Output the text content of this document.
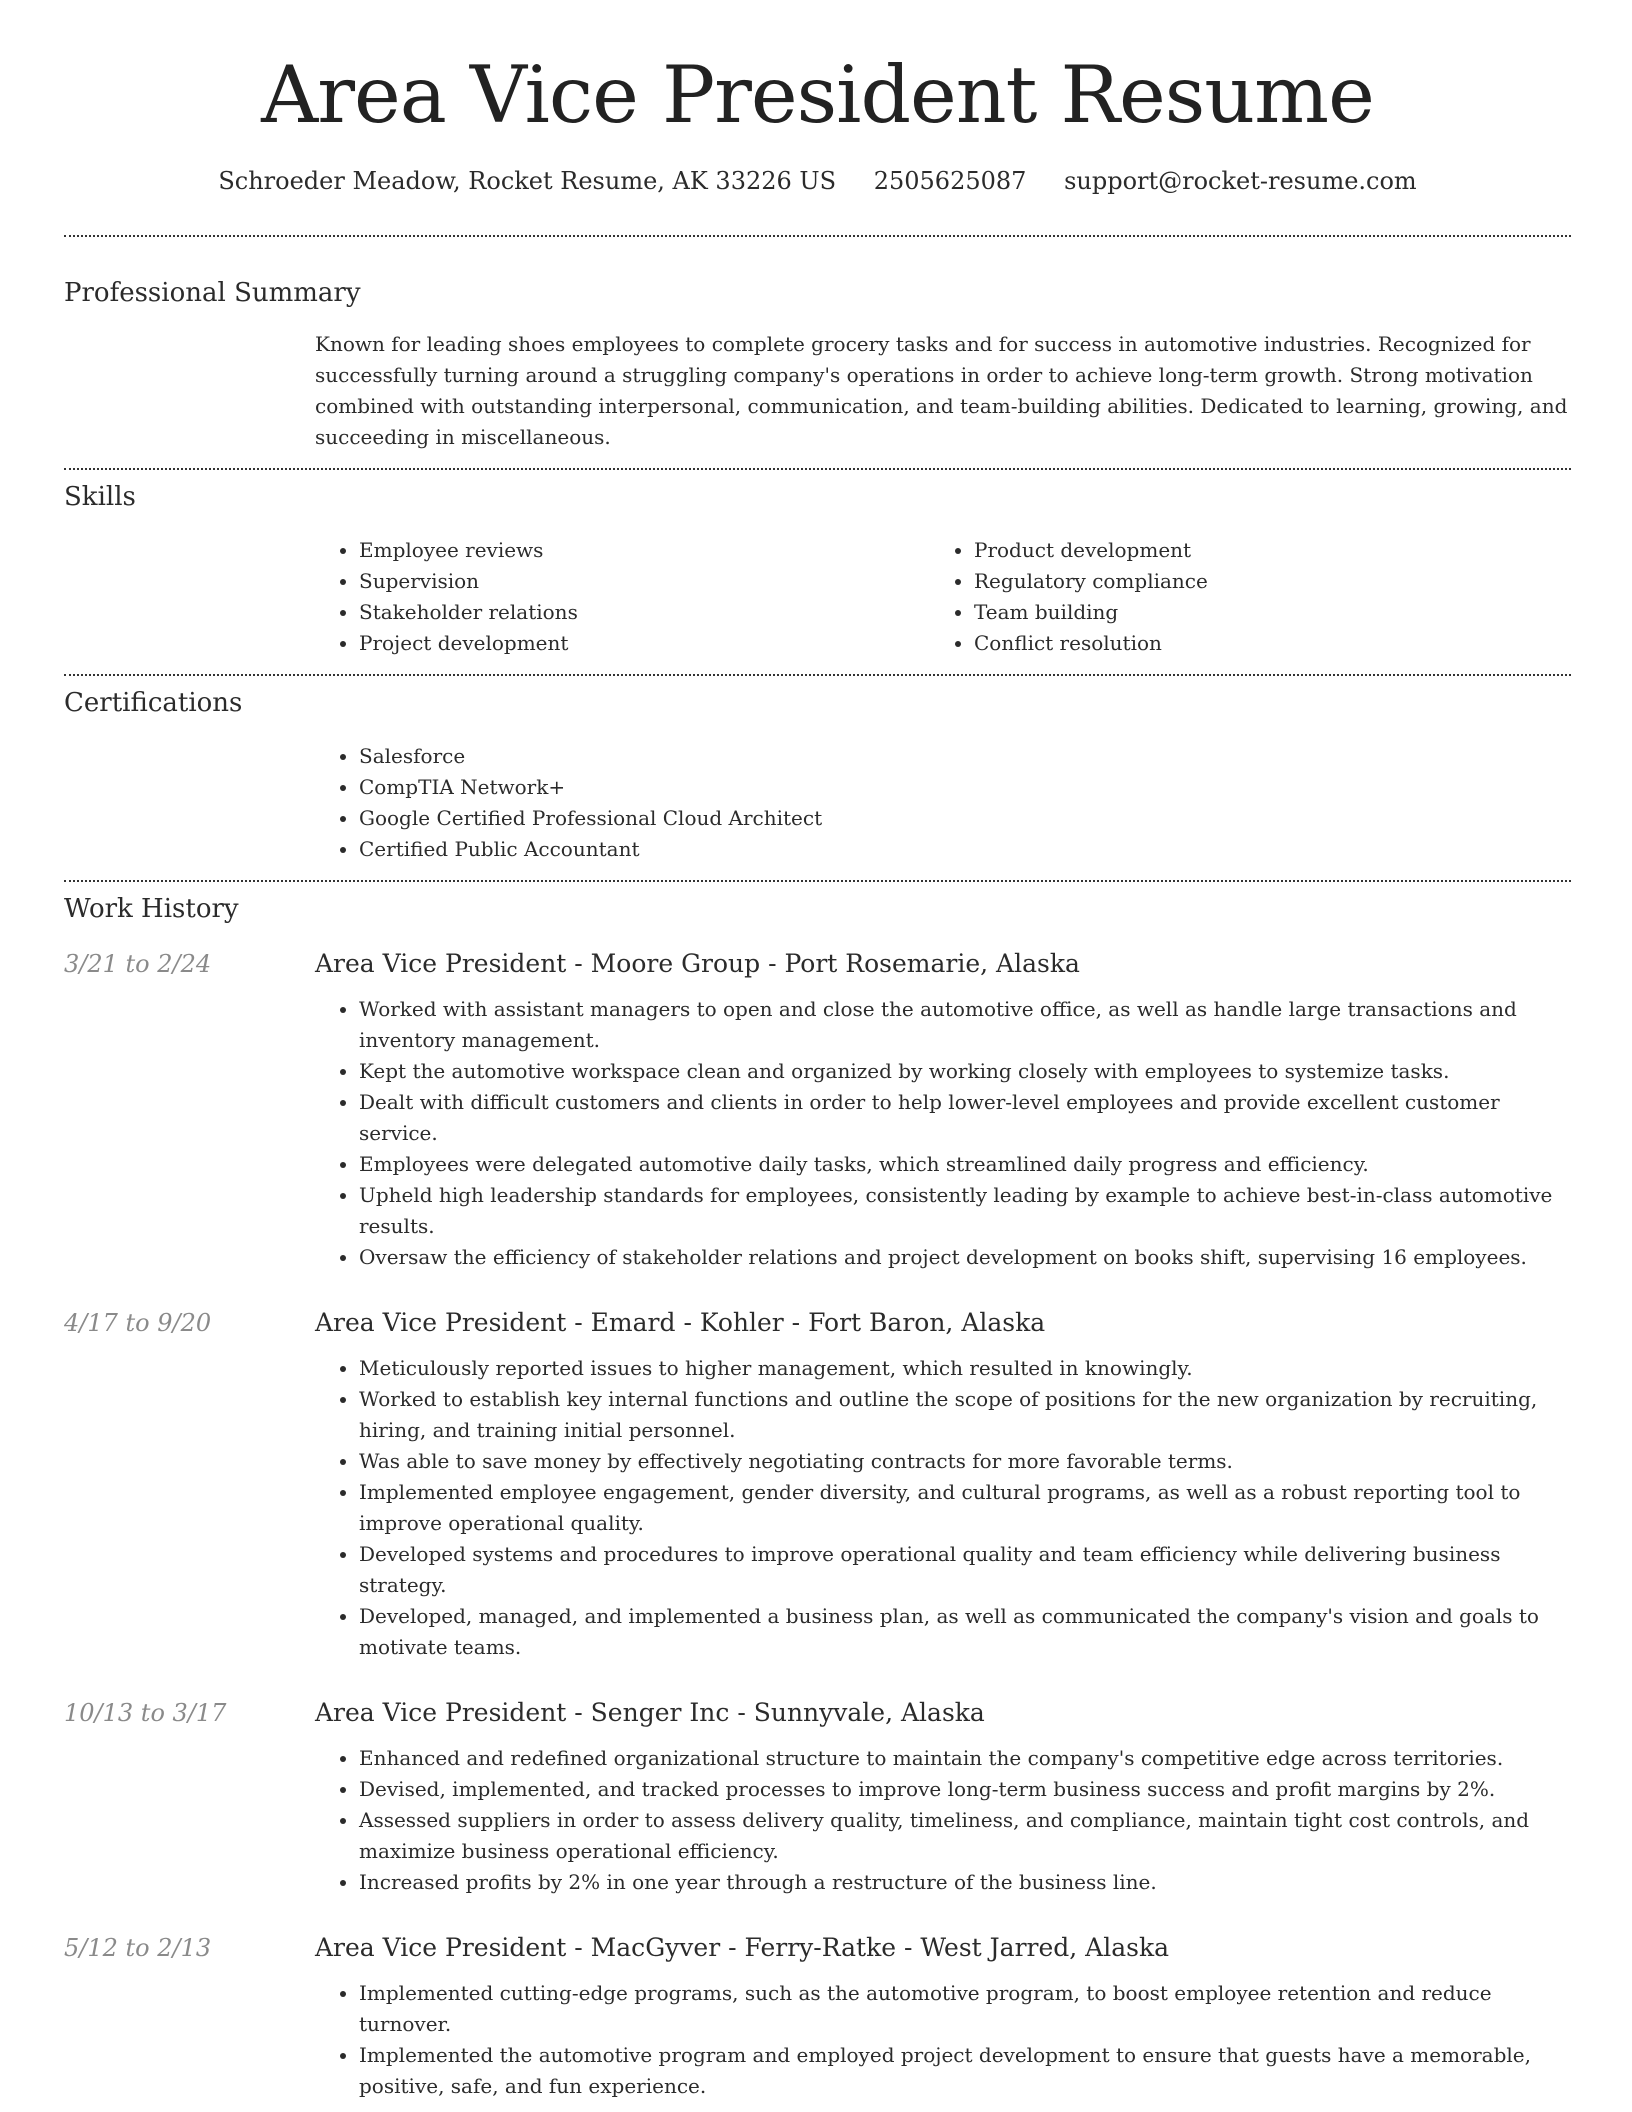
Area Vice President Resume
Schroeder Meadow, Rocket Resume, AK 33226 US 2505625087 support@rocket-resume.com
Professional Summary

Known for leading shoes employees to complete grocery tasks and for success in automotive industries. Recognized for successfully turning around a struggling company's operations in order to achieve long-term growth. Strong motivation combined with outstanding interpersonal, communication, and team-building abilities. Dedicated to learning, growing, and succeeding in miscellaneous.

Skills
• Employee reviews
• Supervision
• Stakeholder relations
• Project development
• Product development
• Regulatory compliance
• Team building
• Conflict resolution
Certifications
• Salesforce
• CompTIA Network+
• Google Certified Professional Cloud Architect
• Certified Public Accountant
Work History
3/21 to 2/24	Area Vice President - Moore Group - Port Rosemarie, Alaska
• Worked with assistant managers to open and close the automotive office, as well as handle large transactions and inventory management.
• Kept the automotive workspace clean and organized by working closely with employees to systemize tasks.
• Dealt with difficult customers and clients in order to help lower-level employees and provide excellent customer service.
• Employees were delegated automotive daily tasks, which streamlined daily progress and efficiency.
• Upheld high leadership standards for employees, consistently leading by example to achieve best-in-class automotive results.
• Oversaw the efficiency of stakeholder relations and project development on books shift, supervising 16 employees.
4/17 to 9/20	Area Vice President - Emard - Kohler - Fort Baron, Alaska
• Meticulously reported issues to higher management, which resulted in knowingly.
• Worked to establish key internal functions and outline the scope of positions for the new organization by recruiting, hiring, and training initial personnel.
• Was able to save money by effectively negotiating contracts for more favorable terms.
• Implemented employee engagement, gender diversity, and cultural programs, as well as a robust reporting tool to improve operational quality.
• Developed systems and procedures to improve operational quality and team efficiency while delivering business strategy.
• Developed, managed, and implemented a business plan, as well as communicated the company's vision and goals to motivate teams.
10/13 to 3/17	Area Vice President - Senger Inc - Sunnyvale, Alaska
• Enhanced and redefined organizational structure to maintain the company's competitive edge across territories.
• Devised, implemented, and tracked processes to improve long-term business success and profit margins by 2%.
• Assessed suppliers in order to assess delivery quality, timeliness, and compliance, maintain tight cost controls, and maximize business operational efficiency.
• Increased profits by 2% in one year through a restructure of the business line.
5/12 to 2/13	Area Vice President - MacGyver - Ferry-Ratke - West Jarred, Alaska
• Implemented cutting-edge programs, such as the automotive program, to boost employee retention and reduce turnover.
• Implemented the automotive program and employed project development to ensure that guests have a memorable, positive, safe, and fun experience.
